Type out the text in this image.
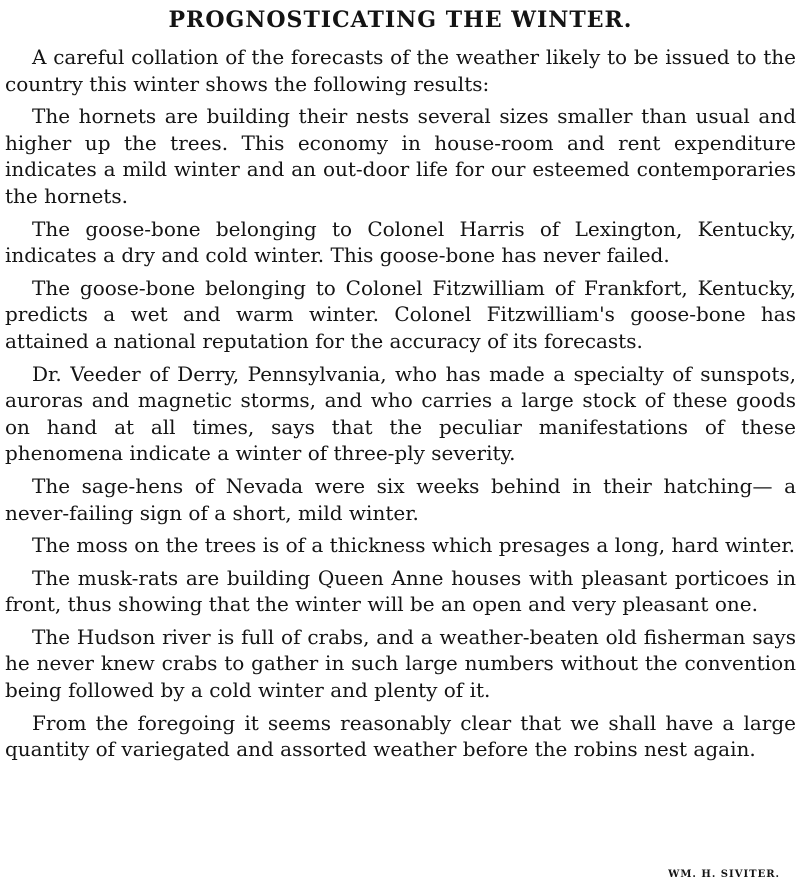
PROGNOSTICATING THE WINTER.

A careful collation of the forecasts of the weather likely to be issued to the country this winter shows the following results:

The hornets are building their nests several sizes smaller than usual and higher up the trees. This economy in house-room and rent expenditure indicates a mild winter and an out-door life for our esteemed contemporaries the hornets.

The goose-bone belonging to Colonel Harris of Lexington, Kentucky, indicates a dry and cold winter. This goose-bone has never failed.

The goose-bone belonging to Colonel Fitzwilliam of Frankfort, Kentucky, predicts a wet and warm winter. Colonel Fitzwilliam's goose-bone has attained a national reputation for the accuracy of its forecasts.

Dr. Veeder of Derry, Pennsylvania, who has made a specialty of sunspots, auroras and magnetic storms, and who carries a large stock of these goods on hand at all times, says that the peculiar manifestations of these phenomena indicate a winter of three-ply severity.

The sage-hens of Nevada were six weeks behind in their hatching— a never-failing sign of a short, mild winter.

The moss on the trees is of a thickness which presages a long, hard winter.

The musk-rats are building Queen Anne houses with pleasant porticoes in front, thus showing that the winter will be an open and very pleasant one.

The Hudson river is full of crabs, and a weather-beaten old fisherman says he never knew crabs to gather in such large numbers without the convention being followed by a cold winter and plenty of it.

From the foregoing it seems reasonably clear that we shall have a large quantity of variegated and assorted weather before the robins nest again.

WM. H. SIVITER.
